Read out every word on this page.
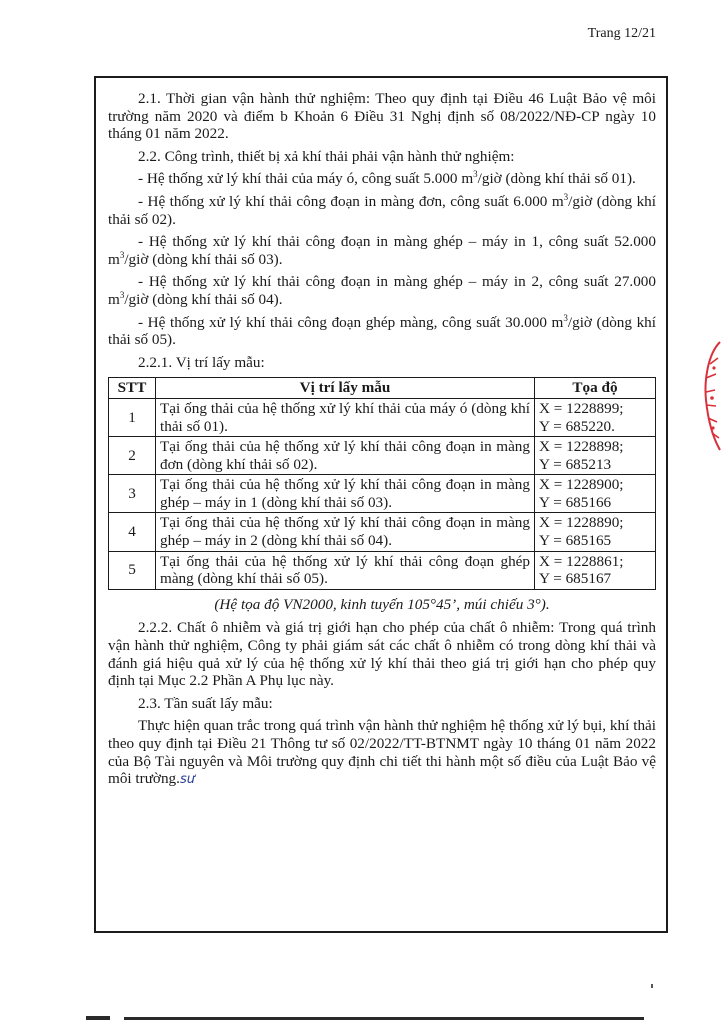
Trang 12/21

2.1. Thời gian vận hành thử nghiệm: Theo quy định tại Điều 46 Luật Bảo vệ môi trường năm 2020 và điểm b Khoản 6 Điều 31 Nghị định số 08/2022/NĐ-CP ngày 10 tháng 01 năm 2022.

2.2. Công trình, thiết bị xả khí thải phải vận hành thử nghiệm:

- Hệ thống xử lý khí thải của máy ó, công suất 5.000 $m^3$/giờ (dòng khí thải số 01).

- Hệ thống xử lý khí thải công đoạn in màng đơn, công suất 6.000 $m^3$/giờ (dòng khí thải số 02).

- Hệ thống xử lý khí thải công đoạn in màng ghép – máy in 1, công suất 52.000 $m^3$/giờ (dòng khí thải số 03).

- Hệ thống xử lý khí thải công đoạn in màng ghép – máy in 2, công suất 27.000 $m^3$/giờ (dòng khí thải số 04).

- Hệ thống xử lý khí thải công đoạn ghép màng, công suất 30.000 $m^3$/giờ (dòng khí thải số 05).

2.2.1. Vị trí lấy mẫu:

STT	Vị trí lấy mẫu	Tọa độ
1	Tại ống thải của hệ thống xử lý khí thải của máy ó (dòng khí thải số 01).	X = 1228899;
Y = 685220.

2	Tại ống thải của hệ thống xử lý khí thải công đoạn in màng đơn (dòng khí thải số 02).	X = 1228898;
Y = 685213

3	Tại ống thải của hệ thống xử lý khí thải công đoạn in màng ghép – máy in 1 (dòng khí thải số 03).	X = 1228900;
Y = 685166

4	Tại ống thải của hệ thống xử lý khí thải công đoạn in màng ghép – máy in 2 (dòng khí thải số 04).	X = 1228890;
Y = 685165

5	Tại ống thải của hệ thống xử lý khí thải công đoạn ghép màng (dòng khí thải số 05).	X = 1228861;
Y = 685167

(Hệ tọa độ VN2000, kinh tuyến 105°45’, múi chiếu 3°).

2.2.2. Chất ô nhiễm và giá trị giới hạn cho phép của chất ô nhiễm: Trong quá trình vận hành thử nghiệm, Công ty phải giám sát các chất ô nhiễm có trong dòng khí thải và đánh giá hiệu quả xử lý của hệ thống xử lý khí thải theo giá trị giới hạn cho phép quy định tại Mục 2.2 Phần A Phụ lục này.

2.3. Tần suất lấy mẫu:

Thực hiện quan trắc trong quá trình vận hành thử nghiệm hệ thống xử lý bụi, khí thải theo quy định tại Điều 21 Thông tư số 02/2022/TT-BTNMT ngày 10 tháng 01 năm 2022 của Bộ Tài nguyên và Môi trường quy định chi tiết thi hành một số điều của Luật Bảo vệ môi trường.sư
